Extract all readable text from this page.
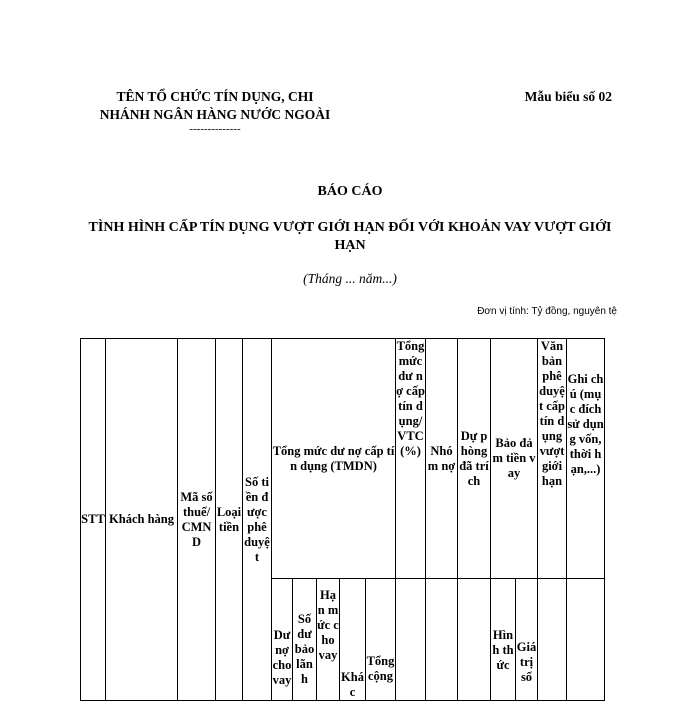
TÊN TỔ CHỨC TÍN DỤNG, CHI
NHÁNH NGÂN HÀNG NƯỚC NGOÀI
--------------
Mẫu biểu số 02
BÁO CÁO
TÌNH HÌNH CẤP TÍN DỤNG VƯỢT GIỚI HẠN ĐỐI VỚI KHOẢN VAY VƯỢT GIỚI HẠN
(Tháng ... năm...)
Đơn vị tính: Tỷ đồng, nguyên tệ
STT	Khách hàng	Mã số thuế/ CMND	Loại tiền	Số tiền được phê duyệt	Tổng mức dư nợ cấp tín dụng (TMDN)					Tổng mức dư nợ cấp tín dụng/ VTC (%)	Nhóm nợ	Dự phòng đã trích	Bảo đảm tiền vay		Văn bản phê duyệt cấp tín dụng vượt giới hạn	Ghi chú (mục đích sử dụng vốn, thời hạn,...)

					Dư nợ cho vay	Số dư bảo lãnh	Hạn mức cho vay	Khác	Tổng cộng				Hình thức	Giá trị số		
